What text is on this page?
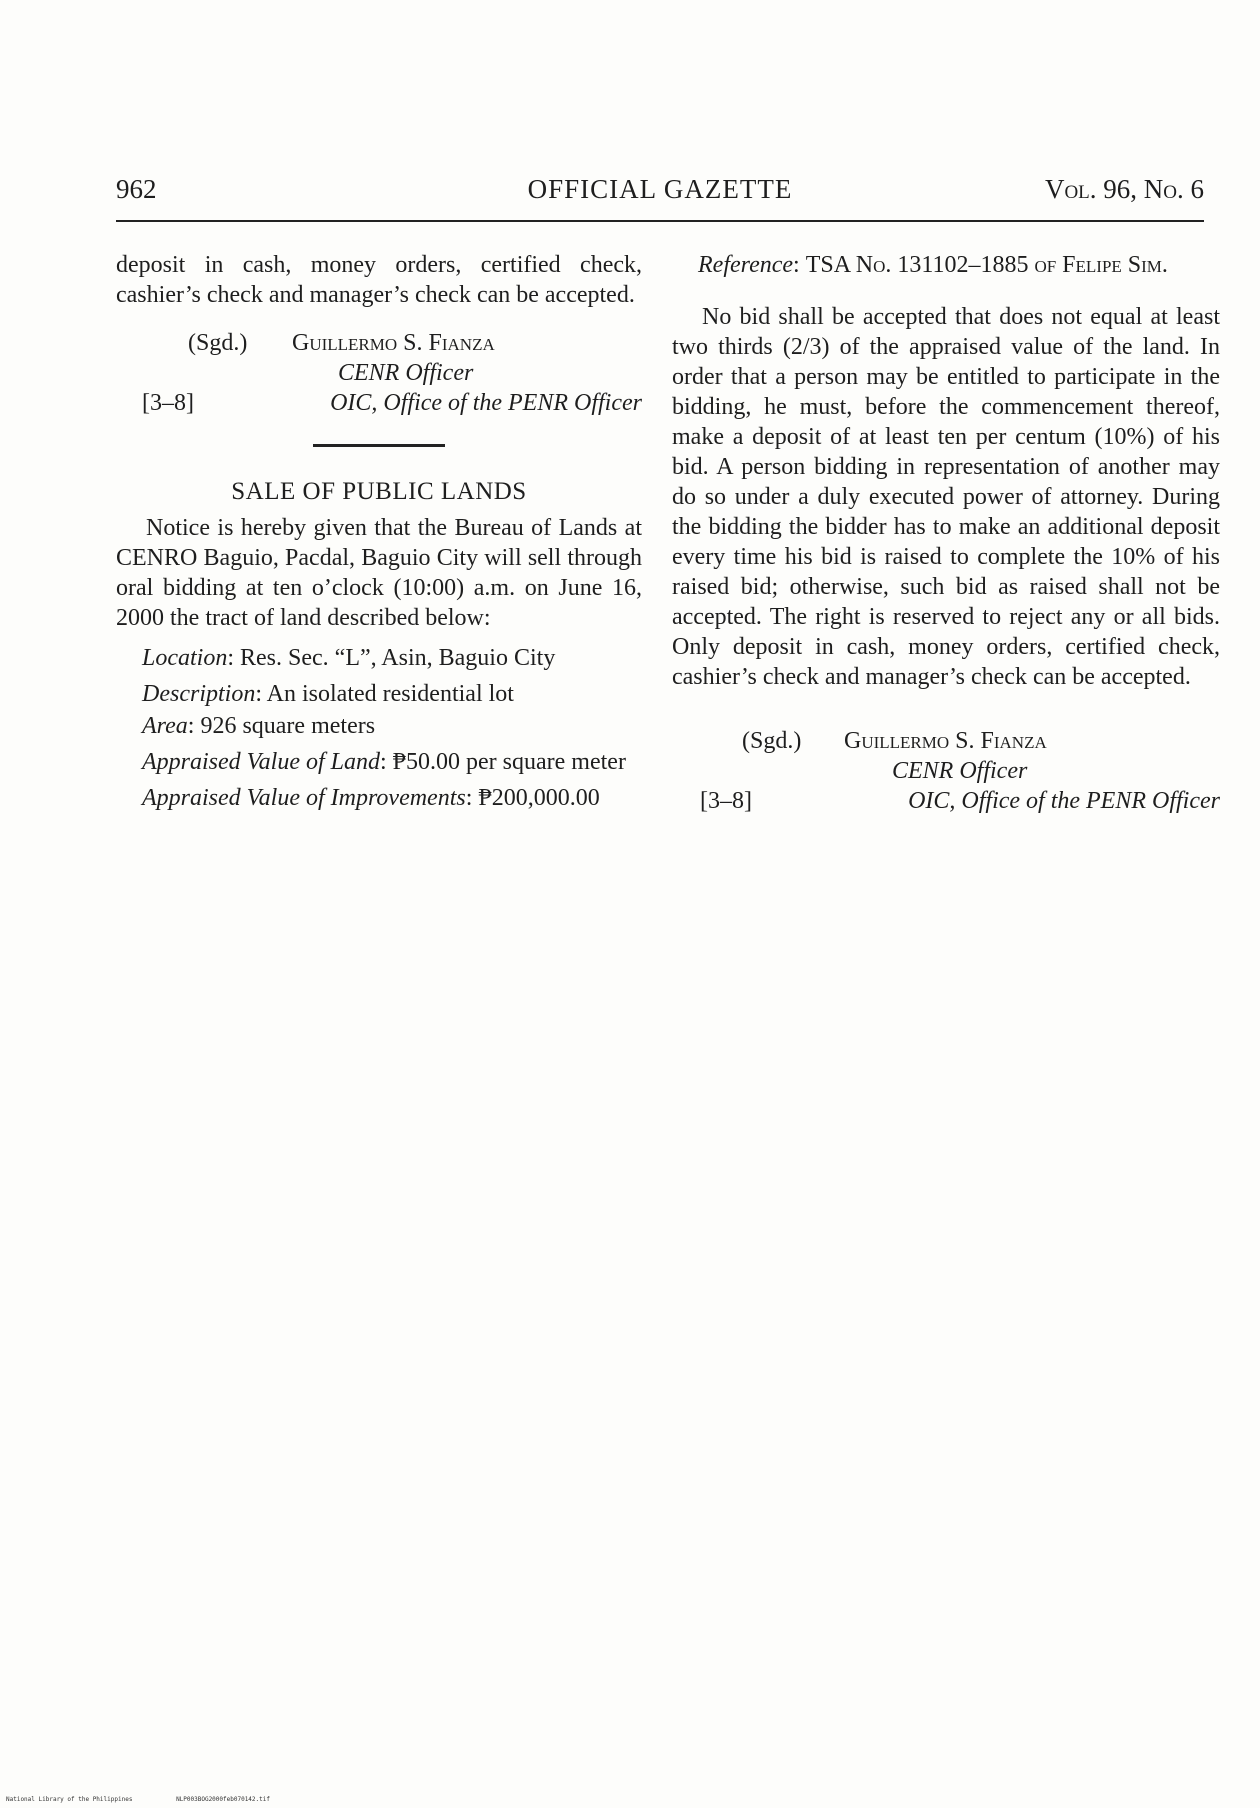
962	OFFICIAL GAZETTE	Vol. 96, No. 6

deposit in cash, money orders, certified check, cashier’s check and manager’s check can be accepted.

(Sgd.) Guillermo S. Fianza
CENR Officer
[3–8]	OIC, Office of the PENR Officer

SALE OF PUBLIC LANDS

Notice is hereby given that the Bureau of Lands at CENRO Baguio, Pacdal, Baguio City will sell through oral bidding at ten o’clock (10:00) a.m. on June 16, 2000 the tract of land described below:

Location: Res. Sec. “L”, Asin, Baguio City
Description: An isolated residential lot
Area: 926 square meters
Appraised Value of Land: ₱50.00 per square meter
Appraised Value of Improvements: ₱200,000.00

Reference: TSA No. 131102–1885 of Felipe Sim.

No bid shall be accepted that does not equal at least two thirds (2/3) of the appraised value of the land. In order that a person may be entitled to participate in the bidding, he must, before the commencement thereof, make a deposit of at least ten per centum (10%) of his bid. A person bidding in representation of another may do so under a duly executed power of attorney. During the bidding the bidder has to make an additional deposit every time his bid is raised to complete the 10% of his raised bid; otherwise, such bid as raised shall not be accepted. The right is reserved to reject any or all bids. Only deposit in cash, money orders, certified check, cashier’s check and manager’s check can be accepted.

(Sgd.) Guillermo S. Fianza
CENR Officer
[3–8]	OIC, Office of the PENR Officer
National Library of the Philippines	NLP003BOG2000feb070142.tif
